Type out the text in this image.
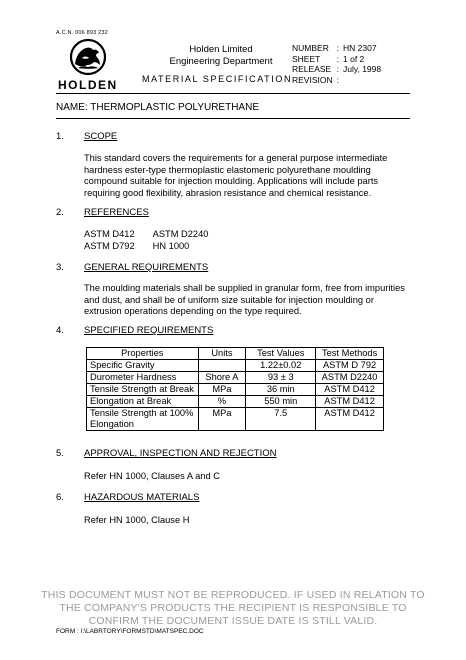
A.C.N. 006 893 232
HOLDEN
Holden Limited
Engineering Department
MATERIAL SPECIFICATION
NUMBER	:	HN 2307
SHEET	:	1 of 2
RELEASE	:	July, 1998
REVISION	:	
NAME: THERMOPLASTIC POLYURETHANE
1. SCOPE
This standard covers the requirements for a general purpose intermediate hardness ester-type thermoplastic elastomeric polyurethane moulding compound suitable for injection moulding. Applications will include parts requiring good flexibility, abrasion resistance and chemical resistance.
2. REFERENCES
ASTM D412	ASTM D2240
ASTM D792	HN 1000
3. GENERAL REQUIREMENTS
The moulding materials shall be supplied in granular form, free from impurities and dust, and shall be of uniform size suitable for injection moulding or extrusion operations depending on the type required.
4. SPECIFIED REQUIREMENTS
Properties	Units	Test Values	Test Methods
Specific Gravity		1.22±0.02	ASTM D 792
Durometer Hardness	Shore A	93 ± 3	ASTM D2240
Tensile Strength at Break	MPa	36 min	ASTM D412
Elongation at Break	%	550 min	ASTM D412
Tensile Strength at 100% Elongation	MPa	7.5	ASTM D412
5. APPROVAL, INSPECTION AND REJECTION
Refer HN 1000, Clauses A and C
6. HAZARDOUS MATERIALS
Refer HN 1000, Clause H
THIS DOCUMENT MUST NOT BE REPRODUCED. IF USED IN RELATION TO
THE COMPANY'S PRODUCTS THE RECIPIENT IS RESPONSIBLE TO
CONFIRM THE DOCUMENT ISSUE DATE IS STILL VALID.
FORM : I:\LABRTORY\FORMSTD\MATSPEC.DOC
